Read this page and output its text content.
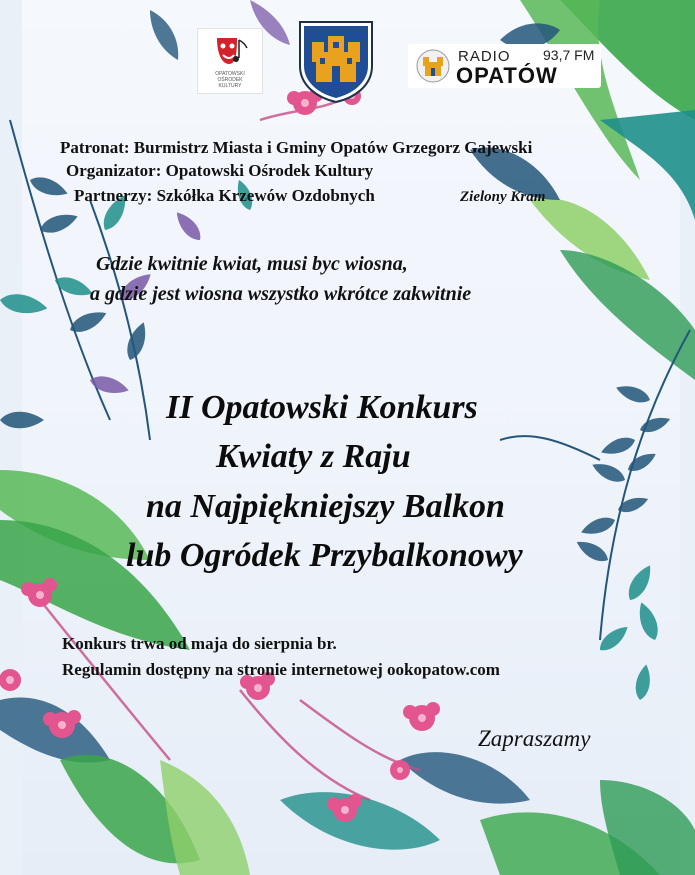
OPATOWSKI
OŚRODEK
KULTURY
RADIO 93,7 FM
OPATÓW
Patronat: Burmistrz Miasta i Gminy Opatów Grzegorz Gajewski
Organizator: Opatowski Ośrodek Kultury
Partnerzy: Szkółka Krzewów Ozdobnych	Zielony Kram
Gdzie kwitnie kwiat, musi byc wiosna,
a gdzie jest wiosna wszystko wkrótce zakwitnie
II Opatowski Konkurs
Kwiaty z Raju
na Najpiękniejszy Balkon
lub Ogródek Przybalkonowy
Konkurs trwa od maja do sierpnia br.
Regulamin dostępny na stronie internetowej ookopatow.com
Zapraszamy
